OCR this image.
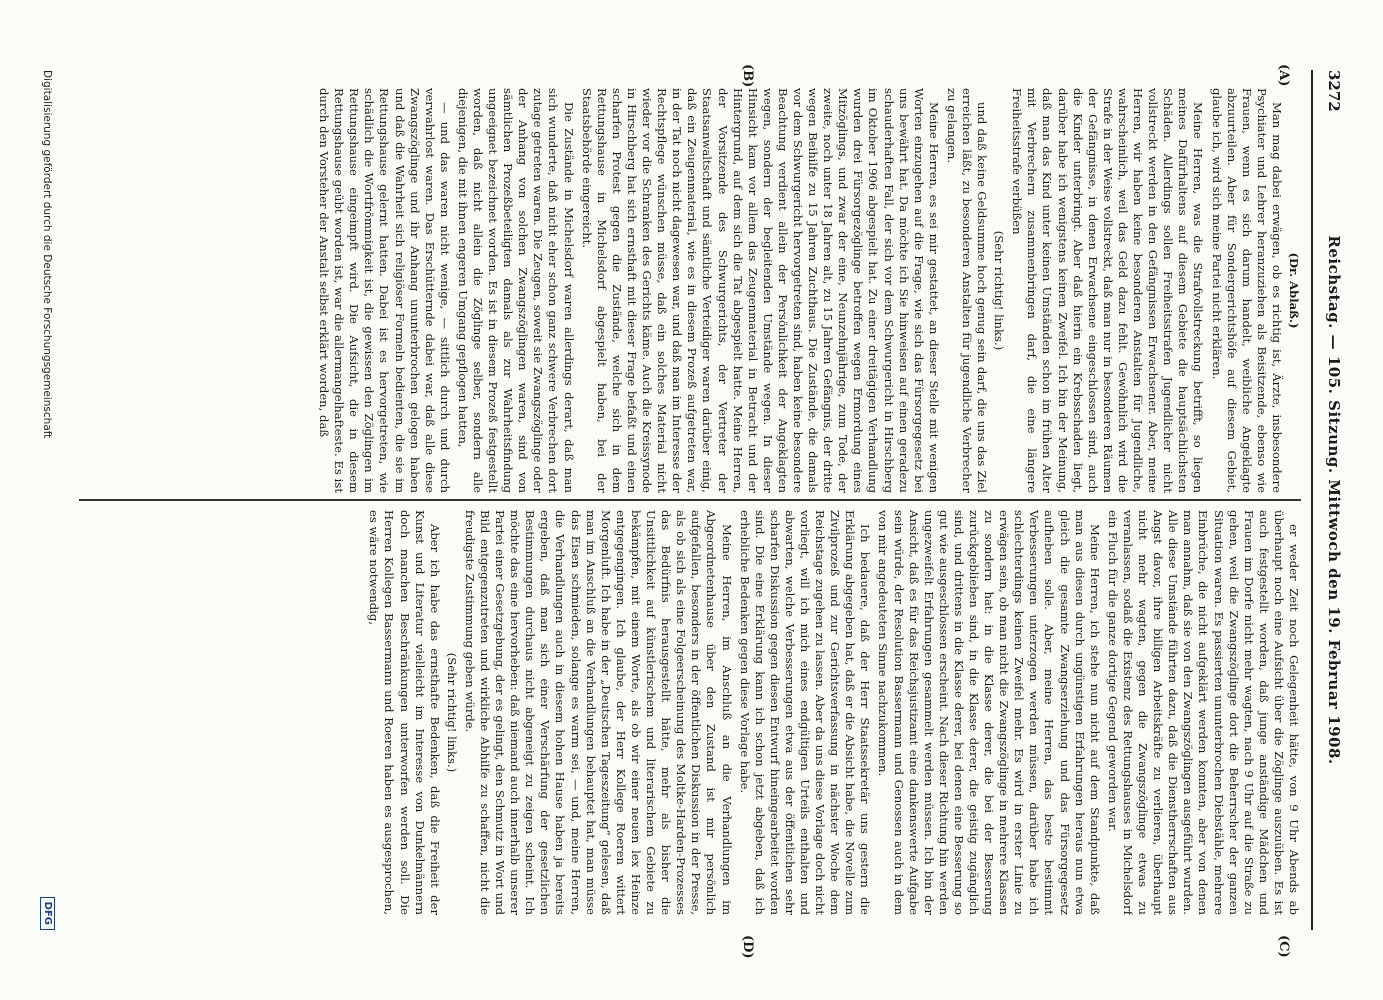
3272
Reichstag. — 105. Sitzung. Mittwoch den 19. Februar 1908.
(A)
(B)
(C)
(D)

(Dr. Ablaß.)

Man mag dabei erwägen, ob es richtig ist, Ärzte, insbesondere Psychiater und Lehrer heranzuziehen als Beisitzende, ebenso wie Frauen, wenn es sich darum handelt, weibliche Angeklagte abzuurteilen. Aber für Sondergerichtshöfe auf diesem Gebiet, glaube ich, wird sich meine Partei nicht erklären.

Meine Herren, was die Strafvollstreckung betrifft, so liegen meines Dafürhaltens auf diesem Gebiete die hauptsächlichsten Schäden. Allerdings sollen Freiheitsstrafen Jugendlicher nicht vollstreckt werden in den Gefängnissen Erwachsener. Aber, meine Herren, wir haben keine besonderen Anstalten für Jugendliche, wahrscheinlich, weil das Geld dazu fehlt. Gewöhnlich wird die Strafe in der Weise vollstreckt, daß man nur in besonderen Räumen der Gefängnisse, in denen Erwachsene eingeschlossen sind, auch die Kinder unterbringt. Aber daß hierin ein Krebsschaden liegt, darüber habe ich wenigstens keinen Zweifel. Ich bin der Meinung, daß man das Kind unter keinen Umständen schon im frühen Alter mit Verbrechern zusammenbringen darf, die eine längere Freiheitsstrafe verbüßen

(Sehr richtig! links.)

und daß keine Geldsumme hoch genug sein darf, die uns das Ziel erreichen läßt, zu besonderen Anstalten für jugendliche Verbrecher zu gelangen.

Meine Herren, es sei mir gestattet, an dieser Stelle mit wenigen Worten einzugehen auf die Frage, wie sich das Fürsorgegesetz bei uns bewährt hat. Da möchte ich Sie hinweisen auf einen geradezu schauderhaften Fall, der sich vor dem Schwurgericht in Hirschberg im Oktober 1906 abgespielt hat. Zu einer dreitägigen Verhandlung wurden drei Fürsorgezöglinge betroffen wegen Ermordung eines Mitzöglings, und zwar der eine, Neunzehnjährige, zum Tode, der zweite, noch unter 18 Jahren alt, zu 15 Jahren Gefängnis, der dritte wegen Beihilfe zu 15 Jahren Zuchthaus. Die Zustände, die damals vor dem Schwurgericht hervorgetreten sind, haben keine besondere Beachtung verdient allein der Persönlichkeit der Angeklagten wegen, sondern der begleitenden Umstände wegen. In dieser Hinsicht kam vor allem das Zeugenmaterial in Betracht und der Hintergrund, auf dem sich die Tat abgespielt hatte. Meine Herren, der Vorsitzende des Schwurgerichts, der Vertreter der Staatsanwaltschaft und sämtliche Verteidiger waren darüber einig, daß ein Zeugenmaterial, wie es in diesem Prozeß aufgetreten war, in der Tat noch nicht dagewesen war, und daß man im Interesse der Rechtspflege wünschen müsse, daß ein solches Material nicht wieder vor die Schranken des Gerichts käme. Auch die Kreissynode in Hirschberg hat sich ernsthaft mit dieser Frage befaßt und einen scharfen Protest gegen die Zustände, welche sich in dem Rettungshause in Michelsdorf abgespielt haben, bei der Staatsbehörde eingereicht.

Die Zustände in Michelsdorf waren allerdings derart, daß man sich wunderte, daß nicht eher schon ganz schwere Verbrechen dort zutage getreten waren. Die Zeugen, soweit sie Zwangszöglinge oder der Anhang von solchen Zwangszöglingen waren, sind von sämtlichen Prozeßbeteiligten damals als zur Wahrheitsfindung ungeeignet bezeichnet worden. Es ist in diesem Prozeß festgestellt worden, daß nicht allein die Zöglinge selber, sondern alle diejenigen, die mit ihnen engeren Umgang gepflogen hatten,

— und das waren nicht wenige, — sittlich durch und durch verwahrlost waren. Das Erschütternde dabei war, daß alle diese Zwangszöglinge und ihr Anhang ununterbrochen gelogen haben und daß die Wahrheit sich religiöser Formeln bedienten, die sie im Rettungshause gelernt hatten. Dabei ist es hervorgetreten, wie schädlich die Wortfrömmigkeit ist, die gewissen den Zöglingen im Rettungshause eingeimpft wird. Die Aufsicht, die in diesem Rettungshause geübt worden ist, war die allermangelhafteste. Es ist durch den Vorsteher der Anstalt selbst erklärt worden, daß

er weder Zeit noch Gelegenheit hätte, von 9 Uhr Abends ab überhaupt noch eine Aufsicht über die Zöglinge auszuüben. Es ist auch festgestellt worden, daß junge anständige Mädchen und Frauen im Dorfe nicht mehr wagten, nach 9 Uhr auf die Straße zu gehen, weil die Zwangszöglinge dort die Beherrscher der ganzen Situation waren. Es passierten ununterbrochen Diebstähle, mehrere Einbrüche, die nicht aufgeklärt werden konnten, aber von denen man annahm, daß sie von den Zwangszöglingen ausgeführt wurden. Alle diese Umstände führten dazu, daß die Dienstherrschaften aus Angst davor, ihre billigen Arbeitskräfte zu verlieren, überhaupt nicht mehr wagten, gegen die Zwangszöglinge etwas zu veranlassen, sodaß die Existenz des Rettungshauses in Michelsdorf ein Fluch für die ganze dortige Gegend geworden war.

Meine Herren, ich stehe nun nicht auf dem Standpunkte, daß man aus diesen durch ungünstigen Erfahrungen heraus nun etwa gleich die gesamte Zwangserziehung und das Fürsorgegesetz aufheben solle. Aber, meine Herren, das beste bestimmt Verbesserungen unterzogen werden müssen, darüber habe ich schlechterdings keinen Zweifel mehr. Es wird in erster Linie zu erwägen sein, ob man nicht die Zwangszöglinge in mehrere Klassen zu sondern hat: in die Klasse derer, die bei der Besserung zurückgeblieben sind, in die Klasse derer, die geistig zugänglich sind, und drittens in die Klasse derer, bei denen eine Besserung so gut wie ausgeschlossen erscheint. Nach dieser Richtung hin werden ungezweifelt Erfahrungen gesammelt werden müssen. Ich bin der Ansicht, daß es für das Reichsjustizamt eine dankenswerte Aufgabe sein würde, der Resolution Bassermann und Genossen auch in dem von mir angedeuteten Sinne nachzukommen.

Ich bedauere, daß der Herr Staatssekretär uns gestern die Erklärung abgegeben hat, daß er die Absicht habe, die Novelle zum Zivilprozeß und zur Gerichtsverfassung in nächster Woche dem Reichstage zugehen zu lassen. Aber da uns diese Vorlage doch nicht vorliegt, will ich mich eines endgültigen Urteils enthalten und abwarten, welche Verbesserungen etwa aus der öffentlichen sehr scharfen Diskussion gegen diesen Entwurf hineingearbeitet worden sind. Die eine Erklärung kann ich schon jetzt abgeben, daß ich erhebliche Bedenken gegen diese Vorlage habe.

Meine Herren, im Anschluß an die Verhandlungen im Abgeordnetenhause über den Zustand ist mir persönlich aufgefallen, besonders in der öffentlichen Diskussion in der Presse, als ob sich als eine Folgeerscheinung des Moltke-Harden-Prozesses das Bedürfnis herausgestellt hätte, mehr als bisher die Unsittlichkeit auf künstlerischem und literarischem Gebiete zu bekämpfen, mit einem Worte, als ob wir einer neuen lex Heinze entgegengingen. Ich glaube, der Herr Kollege Roeren wittert Morgenluft. Ich habe in der „Deutschen Tageszeitung“ gelesen, daß man im Anschluß an die Verhandlungen behauptet hat, man müsse das Eisen schmieden, solange es warm sei, — und, meine Herren, die Verhandlungen auch in diesem hohen Hause haben ja bereits ergeben, daß man sich einer Verschärfung der gesetzlichen Bestimmungen durchaus nicht abgeneigt zu zeigen scheint. Ich möchte das eine hervorheben: daß niemand auch innerhalb unserer Partei einer Gesetzgebung, der es gelingt, den Schmutz in Wort und Bild entgegenzutreten und wirkliche Abhilfe zu schaffen, nicht die freudigste Zustimmung geben würde.

(Sehr richtig! links.)

Aber ich habe das ernsthafte Bedenken, daß die Freiheit der Kunst und Literatur vielleicht im Interesse von Dunkelmännern doch manchen Beschränkungen unterworfen werden soll. Die Herren Kollegen Bassermann und Roeren haben es ausgesprochen, es wäre notwendig,

Digitalisierung gefördert durch die Deutsche Forschungsgemeinschaft
DFG
